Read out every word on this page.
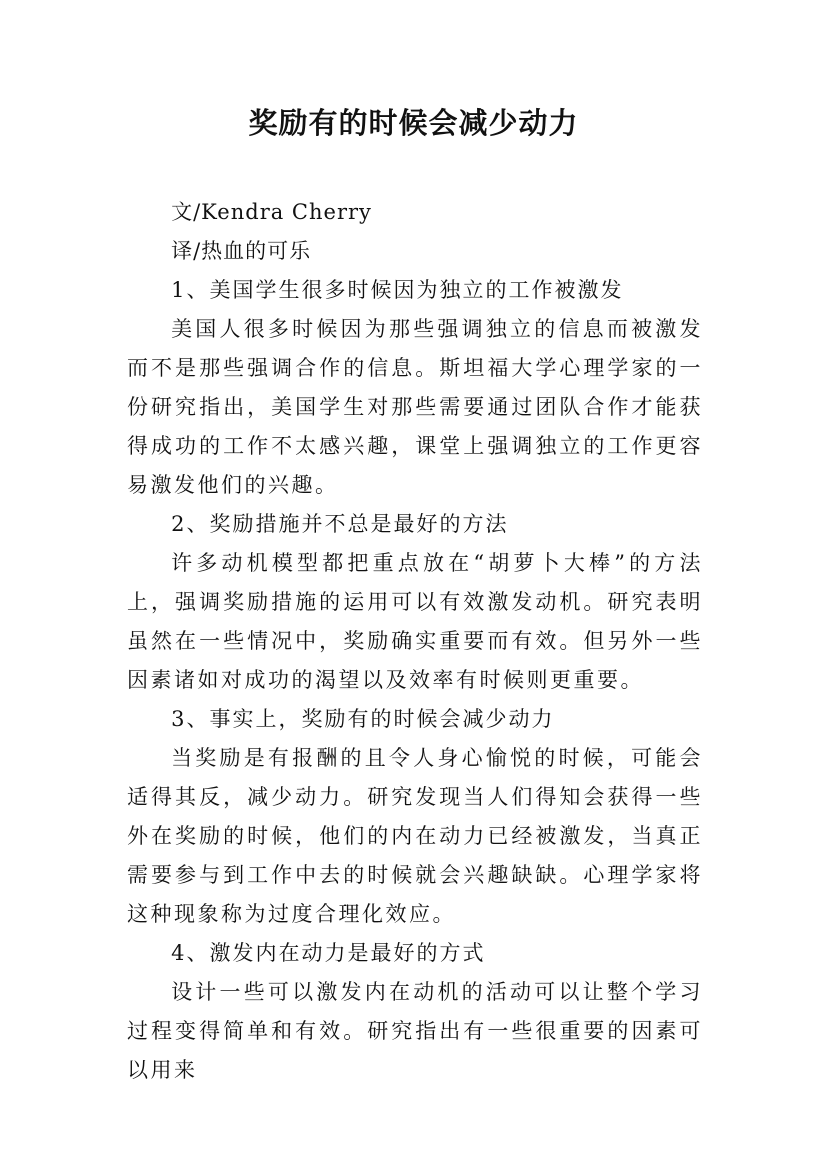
奖励有的时候会减少动力

文/Kendra Cherry

译/热血的可乐

1、美国学生很多时候因为独立的工作被激发

美国人很多时候因为那些强调独立的信息而被激发而不是那些强调合作的信息。斯坦福大学心理学家的一份研究指出，美国学生对那些需要通过团队合作才能获得成功的工作不太感兴趣，课堂上强调独立的工作更容易激发他们的兴趣。

2、奖励措施并不总是最好的方法

许多动机模型都把重点放在“胡萝卜大棒”的方法上，强调奖励措施的运用可以有效激发动机。研究表明虽然在一些情况中，奖励确实重要而有效。但另外一些因素诸如对成功的渴望以及效率有时候则更重要。

3、事实上，奖励有的时候会减少动力

当奖励是有报酬的且令人身心愉悦的时候，可能会适得其反，减少动力。研究发现当人们得知会获得一些外在奖励的时候，他们的内在动力已经被激发，当真正需要参与到工作中去的时候就会兴趣缺缺。心理学家将这种现象称为过度合理化效应。

4、激发内在动力是最好的方式

设计一些可以激发内在动机的活动可以让整个学习过程变得简单和有效。研究指出有一些很重要的因素可以用来
